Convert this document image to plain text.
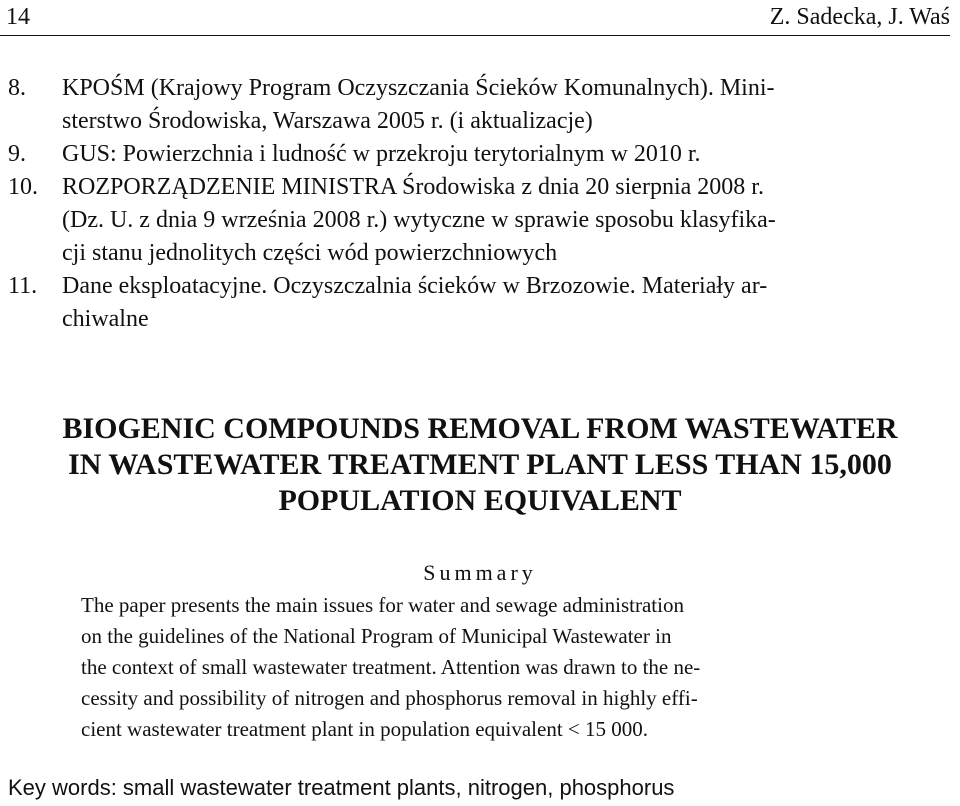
14	Z. Sadecka, J. Waś
8. KPOŚM (Krajowy Program Oczyszczania Ścieków Komunalnych). Mini-
sterstwo Środowiska, Warszawa 2005 r. (i aktualizacje)
9. GUS: Powierzchnia i ludność w przekroju terytorialnym w 2010 r.
10. ROZPORZĄDZENIE MINISTRA Środowiska z dnia 20 sierpnia 2008 r.
(Dz. U. z dnia 9 września 2008 r.) wytyczne w sprawie sposobu klasyfika-
cji stanu jednolitych części wód powierzchniowych
11. Dane eksploatacyjne. Oczyszczalnia ścieków w Brzozowie. Materiały ar-
chiwalne
BIOGENIC COMPOUNDS REMOVAL FROM WASTEWATER
IN WASTEWATER TREATMENT PLANT LESS THAN 15,000
POPULATION EQUIVALENT
Summary
The paper presents the main issues for water and sewage administration
on the guidelines of the National Program of Municipal Wastewater in
the context of small wastewater treatment. Attention was drawn to the ne-
cessity and possibility of nitrogen and phosphorus removal in highly effi-
cient wastewater treatment plant in population equivalent < 15 000.
Key words: small wastewater treatment plants, nitrogen, phosphorus
